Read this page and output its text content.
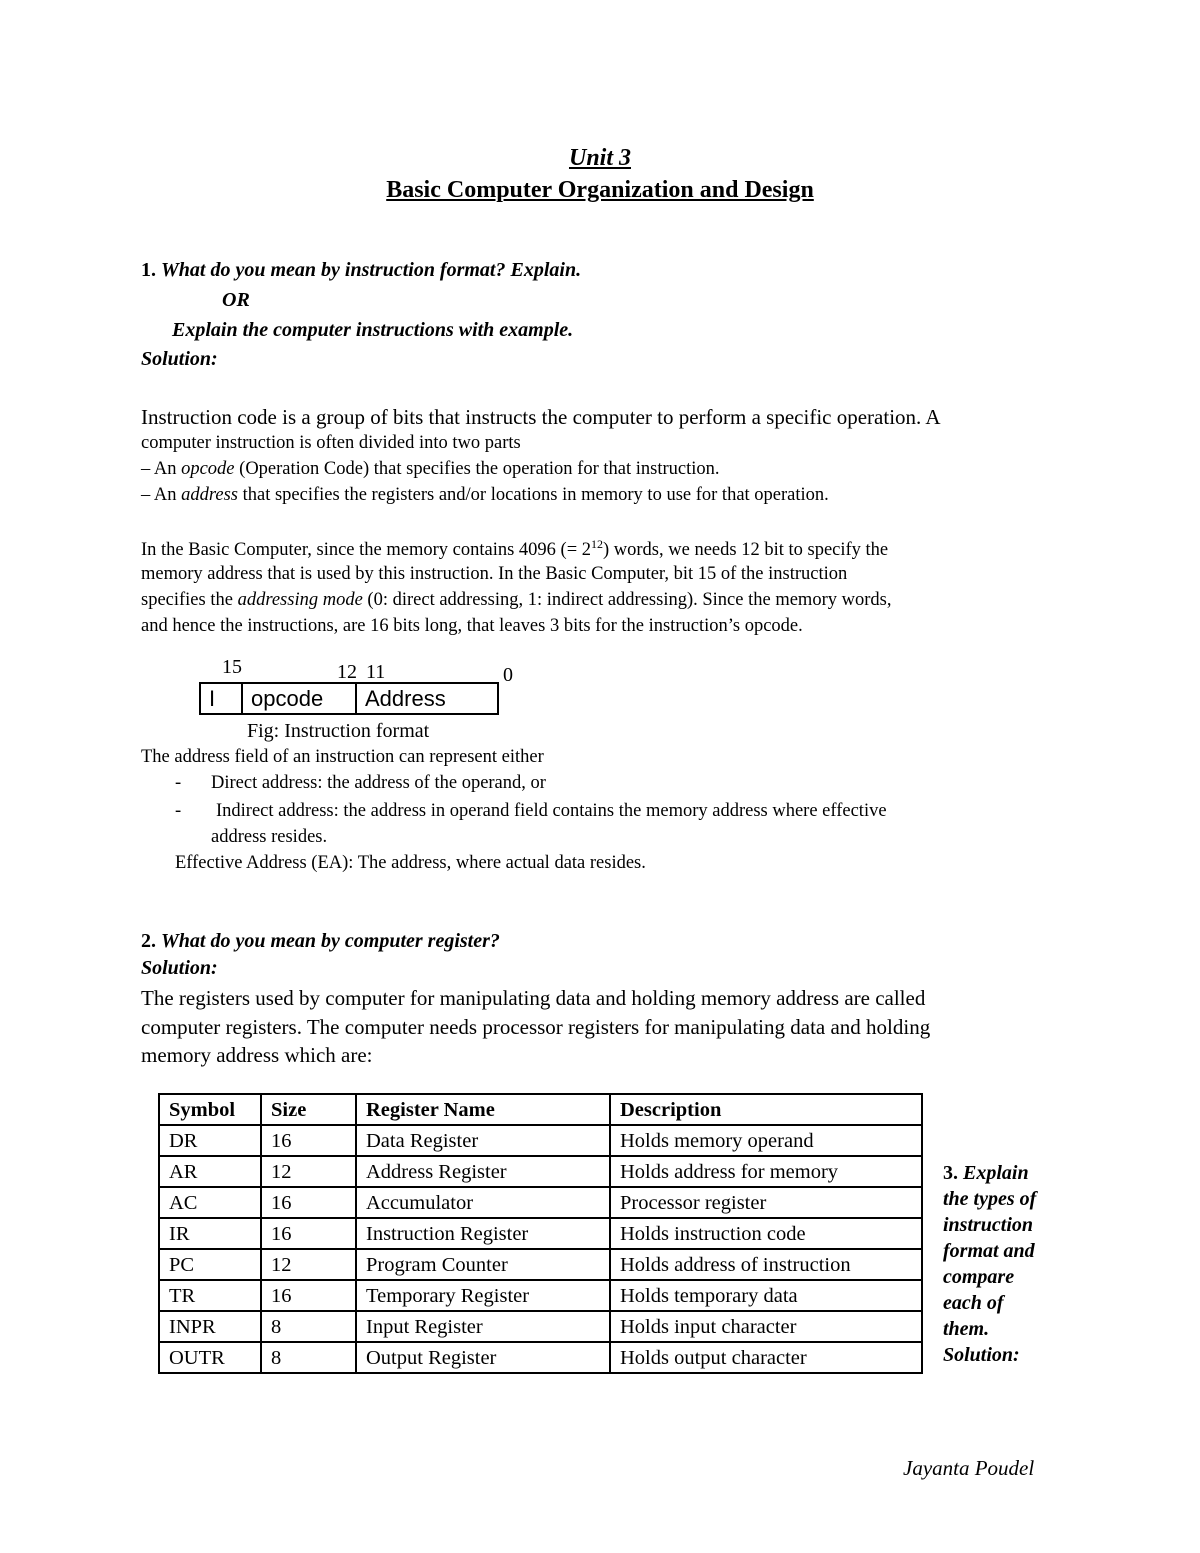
Unit 3
Basic Computer Organization and Design
1. What do you mean by instruction format? Explain.
OR
Explain the computer instructions with example.
Solution:
Instruction code is a group of bits that instructs the computer to perform a specific operation. A
computer instruction is often divided into two parts
– An opcode (Operation Code) that specifies the operation for that instruction.
– An address that specifies the registers and/or locations in memory to use for that operation.
In the Basic Computer, since the memory contains 4096 (= $2^{12}$) words, we needs 12 bit to specify the
memory address that is used by this instruction. In the Basic Computer, bit 15 of the instruction
specifies the addressing mode (0: direct addressing, 1: indirect addressing). Since the memory words,
and hence the instructions, are 16 bits long, that leaves 3 bits for the instruction’s opcode.
15	12 11	0
I	opcode	Address
Fig: Instruction format
The address field of an instruction can represent either
- Direct address: the address of the operand, or
- Indirect address: the address in operand field contains the memory address where effective
address resides.
Effective Address (EA): The address, where actual data resides.
2. What do you mean by computer register?
Solution:
The registers used by computer for manipulating data and holding memory address are called
computer registers. The computer needs processor registers for manipulating data and holding
memory address which are:
Symbol	Size	Register Name	Description
DR	16	Data Register	Holds memory operand
AR	12	Address Register	Holds address for memory
AC	16	Accumulator	Processor register
IR	16	Instruction Register	Holds instruction code
PC	12	Program Counter	Holds address of instruction
TR	16	Temporary Register	Holds temporary data
INPR	8	Input Register	Holds input character
OUTR	8	Output Register	Holds output character
3. Explain
the types of
instruction
format and
compare
each of
them.
Solution:
Jayanta Poudel
